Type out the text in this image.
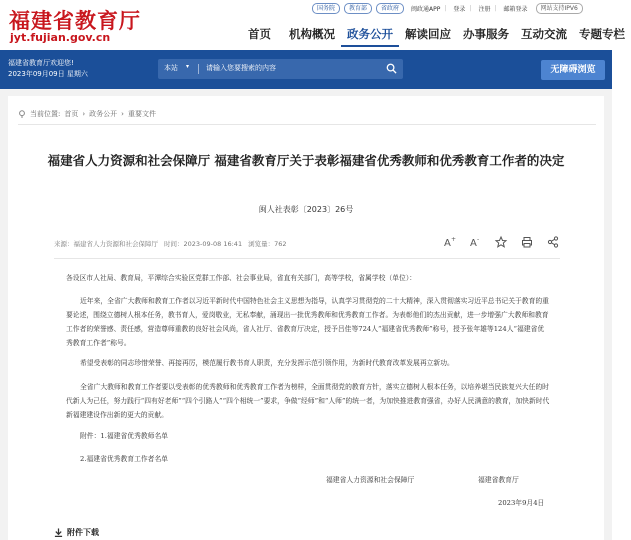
福建省教育厅
jyt.fujian.gov.cn
国务院	教育部	省政府	闽政通APP | 登录 | 注册 | 邮箱登录	网站支持IPV6
首页	机构概况	政务公开	解读回应	办事服务	互动交流	专题专栏
福建省教育厅欢迎您!
2023年09月09日 星期六
本站 ▾ 请输入您要搜索的内容	无障碍浏览
当前位置: 首页 › 政务公开 › 重要文件
福建省人力资源和社会保障厅 福建省教育厅关于表彰福建省优秀教师和优秀教育工作者的决定
闽人社表彰〔2023〕26号
来源：福建省人力资源和社会保障厅 时间：2023-09-08 16:41 浏览量：762	A + A -
各设区市人社局、教育局，平潭综合实验区党群工作部、社会事业局，省直有关部门，高等学校，省属学校（单位）：
近年来，全省广大教师和教育工作者以习近平新时代中国特色社会主义思想为指导，认真学习贯彻党的二十大精神，深入贯彻落实习近平总书记关于教育的重要论述，围绕立德树人根本任务，教书育人，爱岗敬业，无私奉献，涌现出一批优秀教师和优秀教育工作者。为表彰他们的杰出贡献，进一步增强广大教师和教育工作者的荣誉感、责任感，营造尊师重教的良好社会风尚，省人社厅、省教育厅决定，授予吕佳等724人“福建省优秀教师”称号，授予张年雄等124人“福建省优秀教育工作者”称号。
希望受表彰的同志珍惜荣誉、再接再厉，模范履行教书育人职责，充分发挥示范引领作用，为新时代教育改革发展再立新功。
全省广大教师和教育工作者要以受表彰的优秀教师和优秀教育工作者为榜样，全面贯彻党的教育方针，落实立德树人根本任务，以培养堪当民族复兴大任的时代新人为己任，努力践行“四有好老师”“四个引路人”“四个相统一”要求，争做“经师”和“人师”的统一者，为加快推进教育强省，办好人民满意的教育，加快新时代新福建建设作出新的更大的贡献。
附件：1.福建省优秀教师名单
2.福建省优秀教育工作者名单
福建省人力资源和社会保障厅	福建省教育厅
2023年9月4日
附件下载
